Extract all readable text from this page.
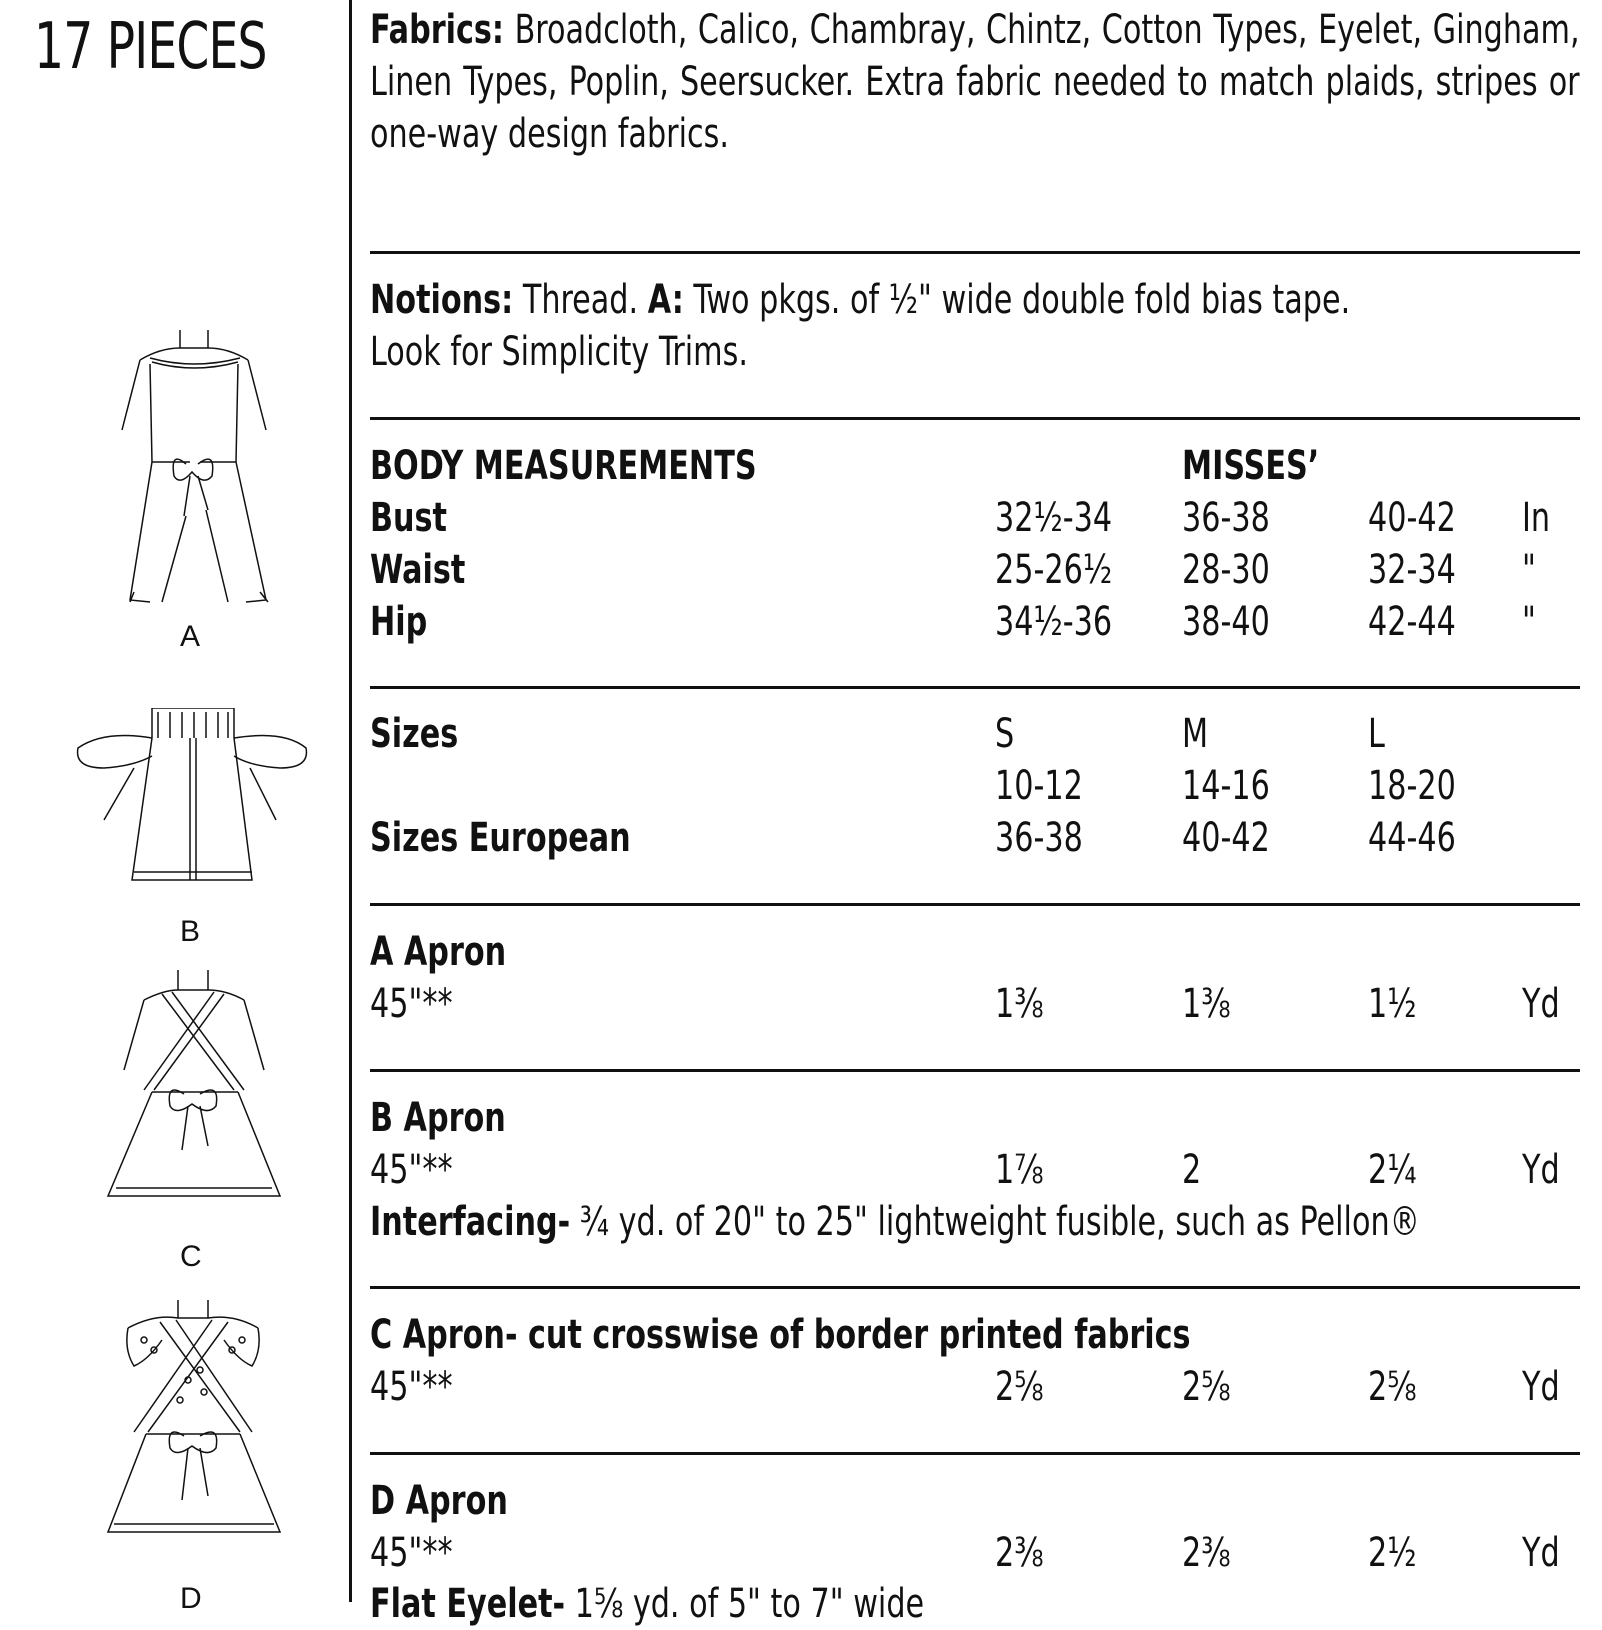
17 PIECES
A
B
C
D
Fabrics: Broadcloth, Calico, Chambray, Chintz, Cotton Types, Eyelet, Gingham, Linen Types, Poplin, Seersucker. Extra fabric needed to match plaids, stripes or one-way design fabrics.
Notions: Thread. A: Two pkgs. of ½" wide double fold bias tape.
Look for Simplicity Trims.
BODY MEASUREMENTS	MISSES’
Bust	32½-34 36-38 40-42 In
Waist	25-26½ 28-30 32-34 "
Hip	34½-36 38-40 42-44 "
Sizes	S	M	L
10-12 14-16 18-20
Sizes European	36-38 40-42 44-46
A Apron
45"**	1⅜	1⅜	1½	Yd
B Apron
45"**	1⅞	2	2¼	Yd
Interfacing- ¾ yd. of 20" to 25" lightweight fusible, such as Pellon®
C Apron- cut crosswise of border printed fabrics
45"**	2⅝	2⅝	2⅝	Yd
D Apron
45"**	2⅜	2⅜	2½	Yd
Flat Eyelet- 1⅝ yd. of 5" to 7" wide
